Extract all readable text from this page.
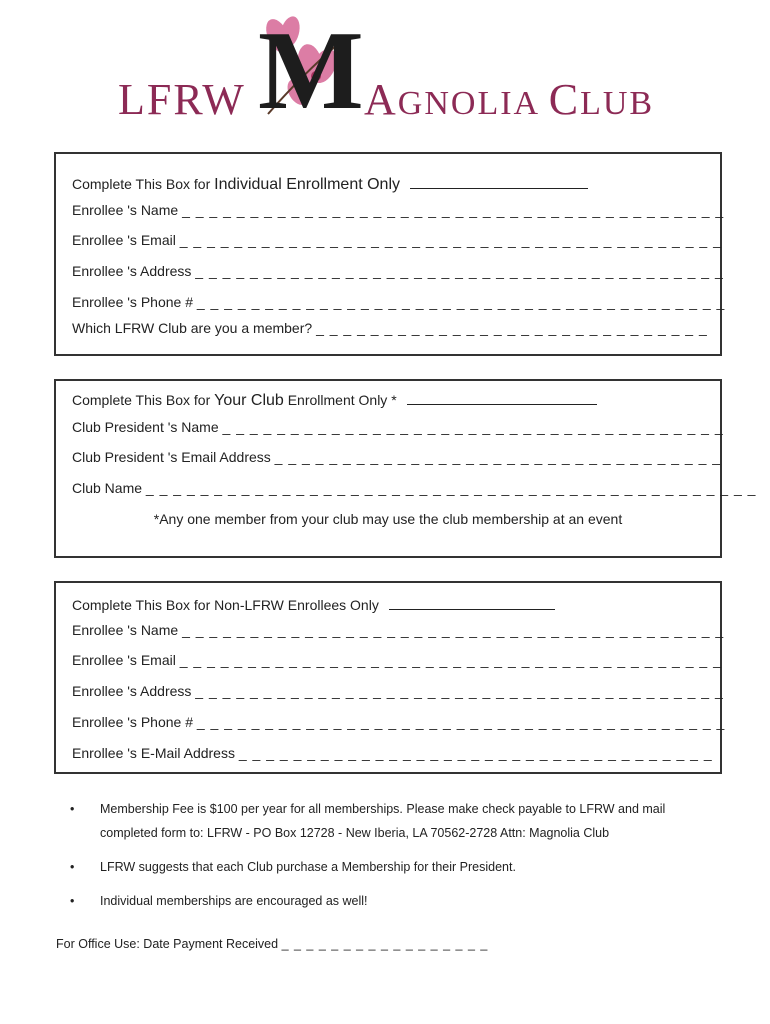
LFRW M AGNOLIA CLUB
Complete This Box for Individual Enrollment Only
Enrollee 's Name _ _ _ _ _ _ _ _ _ _ _ _ _ _ _ _ _ _ _ _ _ _ _ _ _ _ _ _ _ _ _ _ _ _ _ _ _ _ _ _
Enrollee 's Email _ _ _ _ _ _ _ _ _ _ _ _ _ _ _ _ _ _ _ _ _ _ _ _ _ _ _ _ _ _ _ _ _ _ _ _ _ _ _ _
Enrollee 's Address _ _ _ _ _ _ _ _ _ _ _ _ _ _ _ _ _ _ _ _ _ _ _ _ _ _ _ _ _ _ _ _ _ _ _ _ _ _ _
Enrollee 's Phone # _ _ _ _ _ _ _ _ _ _ _ _ _ _ _ _ _ _ _ _ _ _ _ _ _ _ _ _ _ _ _ _ _ _ _ _ _ _ _
Which LFRW Club are you a member? _ _ _ _ _ _ _ _ _ _ _ _ _ _ _ _ _ _ _ _ _ _ _ _ _ _ _ _ _
Complete This Box for Your Club Enrollment Only *
Club President 's Name _ _ _ _ _ _ _ _ _ _ _ _ _ _ _ _ _ _ _ _ _ _ _ _ _ _ _ _ _ _ _ _ _ _ _ _ _
Club President 's Email Address _ _ _ _ _ _ _ _ _ _ _ _ _ _ _ _ _ _ _ _ _ _ _ _ _ _ _ _ _ _ _ _ _
Club Name _ _ _ _ _ _ _ _ _ _ _ _ _ _ _ _ _ _ _ _ _ _ _ _ _ _ _ _ _ _ _ _ _ _ _ _ _ _ _ _ _ _ _ _ _
*Any one member from your club may use the club membership at an event
Complete This Box for Non-LFRW Enrollees Only
Enrollee 's Name _ _ _ _ _ _ _ _ _ _ _ _ _ _ _ _ _ _ _ _ _ _ _ _ _ _ _ _ _ _ _ _ _ _ _ _ _ _ _ _
Enrollee 's Email _ _ _ _ _ _ _ _ _ _ _ _ _ _ _ _ _ _ _ _ _ _ _ _ _ _ _ _ _ _ _ _ _ _ _ _ _ _ _ _
Enrollee 's Address _ _ _ _ _ _ _ _ _ _ _ _ _ _ _ _ _ _ _ _ _ _ _ _ _ _ _ _ _ _ _ _ _ _ _ _ _ _ _
Enrollee 's Phone # _ _ _ _ _ _ _ _ _ _ _ _ _ _ _ _ _ _ _ _ _ _ _ _ _ _ _ _ _ _ _ _ _ _ _ _ _ _ _
Enrollee 's E-Mail Address _ _ _ _ _ _ _ _ _ _ _ _ _ _ _ _ _ _ _ _ _ _ _ _ _ _ _ _ _ _ _ _ _ _ _
• Membership Fee is $100 per year for all memberships. Please make check payable to LFRW and mail completed form to: LFRW - PO Box 12728 - New Iberia, LA 70562-2728 Attn: Magnolia Club
• LFRW suggests that each Club purchase a Membership for their President.
• Individual memberships are encouraged as well!
For Office Use: Date Payment Received _ _ _ _ _ _ _ _ _ _ _ _ _ _ _ _ _
